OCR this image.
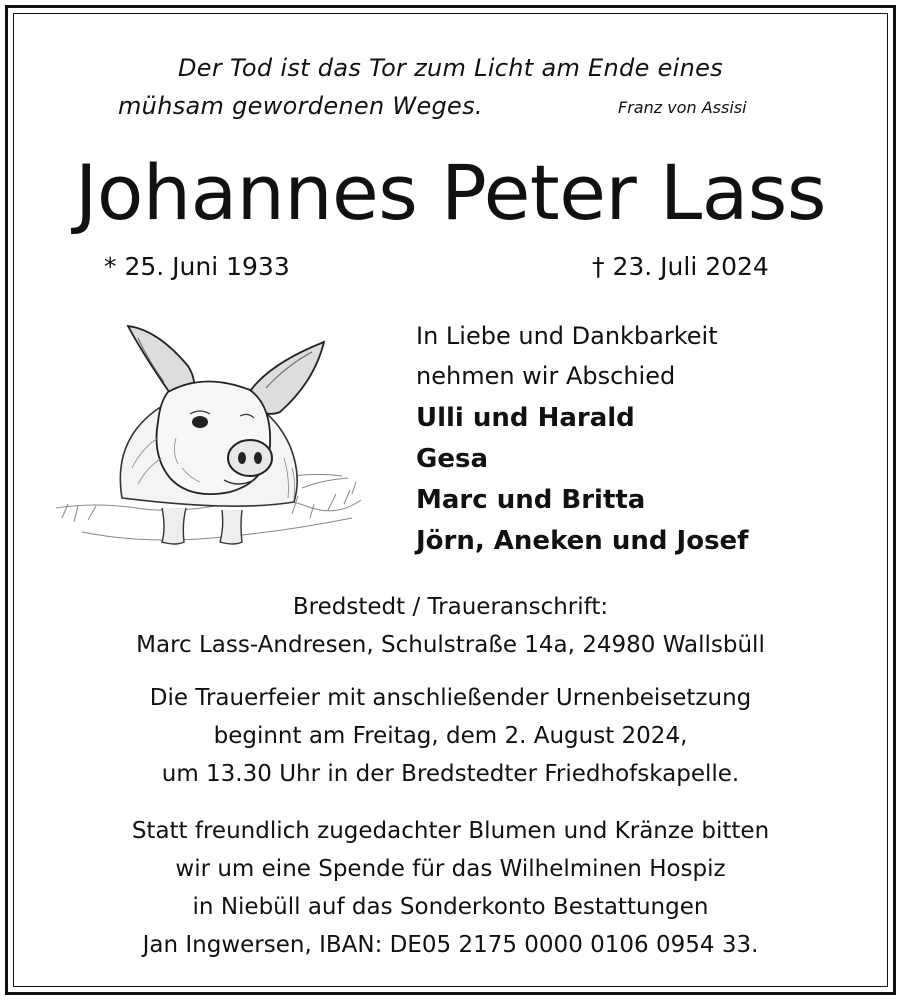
Der Tod ist das Tor zum Licht am Ende eines
mühsam gewordenen Weges.	Franz von Assisi
Johannes Peter Lass
* 25. Juni 1933	† 23. Juli 2024
In Liebe und Dankbarkeit
nehmen wir Abschied
Ulli und Harald
Gesa
Marc und Britta
Jörn, Aneken und Josef
Bredstedt / Traueranschrift:
Marc Lass-Andresen, Schulstraße 14a, 24980 Wallsbüll
Die Trauerfeier mit anschließender Urnenbeisetzung
beginnt am Freitag, dem 2. August 2024,
um 13.30 Uhr in der Bredstedter Friedhofskapelle.
Statt freundlich zugedachter Blumen und Kränze bitten
wir um eine Spende für das Wilhelminen Hospiz
in Niebüll auf das Sonderkonto Bestattungen
Jan Ingwersen, IBAN: DE05 2175 0000 0106 0954 33.
